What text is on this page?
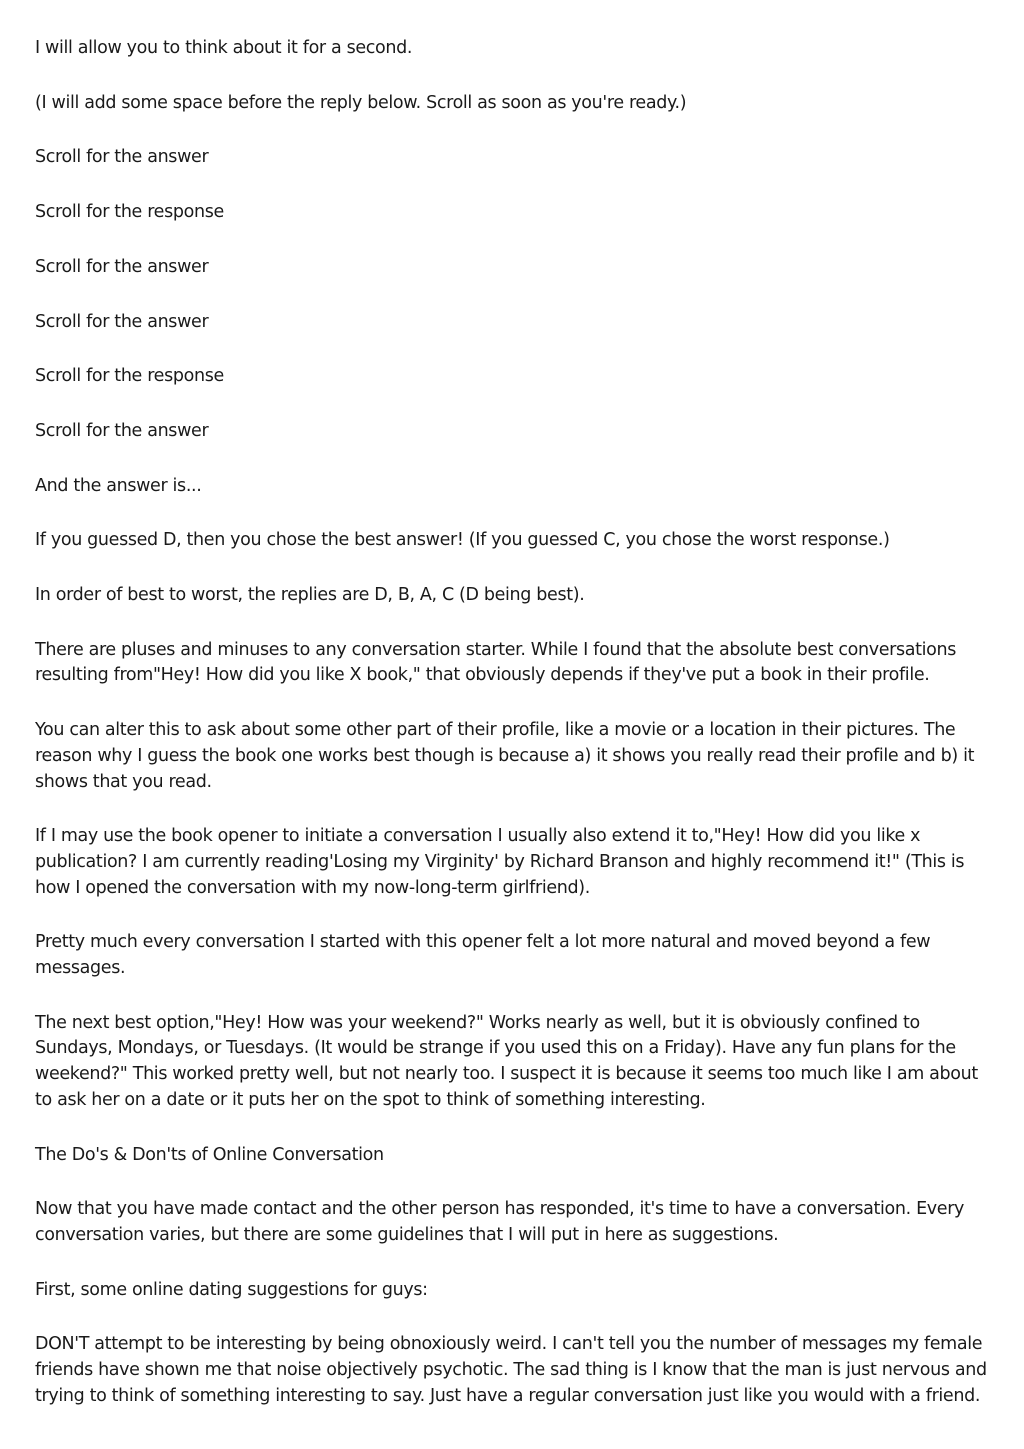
I will allow you to think about it for a second.

(I will add some space before the reply below. Scroll as soon as you're ready.)

Scroll for the answer

Scroll for the response

Scroll for the answer

Scroll for the answer

Scroll for the response

Scroll for the answer

And the answer is...

If you guessed D, then you chose the best answer! (If you guessed C, you chose the worst response.)

In order of best to worst, the replies are D, B, A, C (D being best).

There are pluses and minuses to any conversation starter. While I found that the absolute best conversations resulting from"Hey! How did you like X book," that obviously depends if they've put a book in their profile.

You can alter this to ask about some other part of their profile, like a movie or a location in their pictures. The reason why I guess the book one works best though is because a) it shows you really read their profile and b) it shows that you read.

If I may use the book opener to initiate a conversation I usually also extend it to,"Hey! How did you like x publication? I am currently reading'Losing my Virginity' by Richard Branson and highly recommend it!" (This is how I opened the conversation with my now-long-term girlfriend).

Pretty much every conversation I started with this opener felt a lot more natural and moved beyond a few messages.

The next best option,"Hey! How was your weekend?" Works nearly as well, but it is obviously confined to Sundays, Mondays, or Tuesdays. (It would be strange if you used this on a Friday). Have any fun plans for the weekend?" This worked pretty well, but not nearly too. I suspect it is because it seems too much like I am about to ask her on a date or it puts her on the spot to think of something interesting.

The Do's & Don'ts of Online Conversation

Now that you have made contact and the other person has responded, it's time to have a conversation. Every conversation varies, but there are some guidelines that I will put in here as suggestions.

First, some online dating suggestions for guys:

DON'T attempt to be interesting by being obnoxiously weird. I can't tell you the number of messages my female friends have shown me that noise objectively psychotic. The sad thing is I know that the man is just nervous and trying to think of something interesting to say. Just have a regular conversation just like you would with a friend.
